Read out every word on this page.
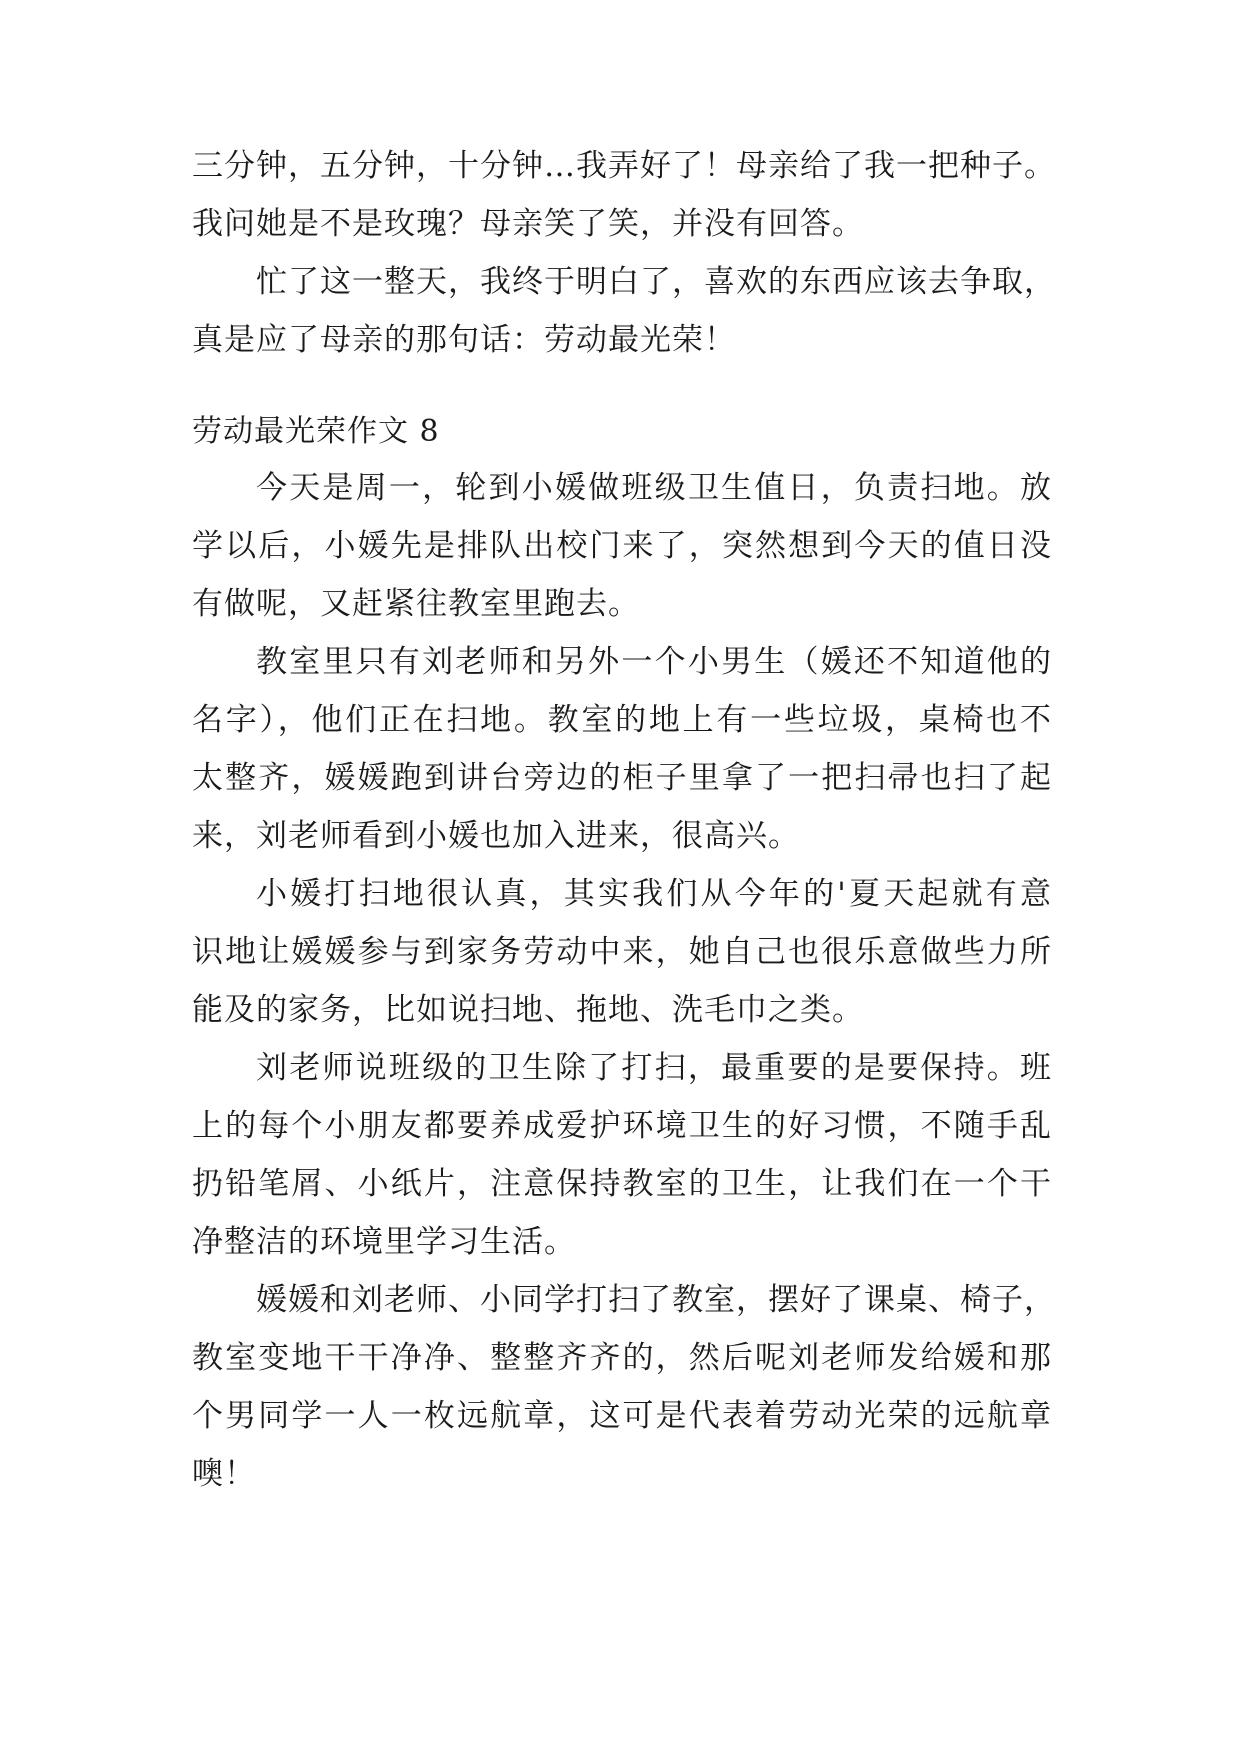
三分钟，五分钟，十分钟…我弄好了！母亲给了我一把种子。
我问她是不是玫瑰？母亲笑了笑，并没有回答。
忙了这一整天，我终于明白了，喜欢的东西应该去争取，
真是应了母亲的那句话：劳动最光荣！
劳动最光荣作文 8
今天是周一，轮到小媛做班级卫生值日，负责扫地。放
学以后，小媛先是排队出校门来了，突然想到今天的值日没
有做呢，又赶紧往教室里跑去。
教室里只有刘老师和另外一个小男生（媛还不知道他的
名字），他们正在扫地。教室的地上有一些垃圾，桌椅也不
太整齐，媛媛跑到讲台旁边的柜子里拿了一把扫帚也扫了起
来，刘老师看到小媛也加入进来，很高兴。
小媛打扫地很认真，其实我们从今年的'夏天起就有意
识地让媛媛参与到家务劳动中来，她自己也很乐意做些力所
能及的家务，比如说扫地、拖地、洗毛巾之类。
刘老师说班级的卫生除了打扫，最重要的是要保持。班
上的每个小朋友都要养成爱护环境卫生的好习惯，不随手乱
扔铅笔屑、小纸片，注意保持教室的卫生，让我们在一个干
净整洁的环境里学习生活。
媛媛和刘老师、小同学打扫了教室，摆好了课桌、椅子，
教室变地干干净净、整整齐齐的，然后呢刘老师发给媛和那
个男同学一人一枚远航章，这可是代表着劳动光荣的远航章
噢！
